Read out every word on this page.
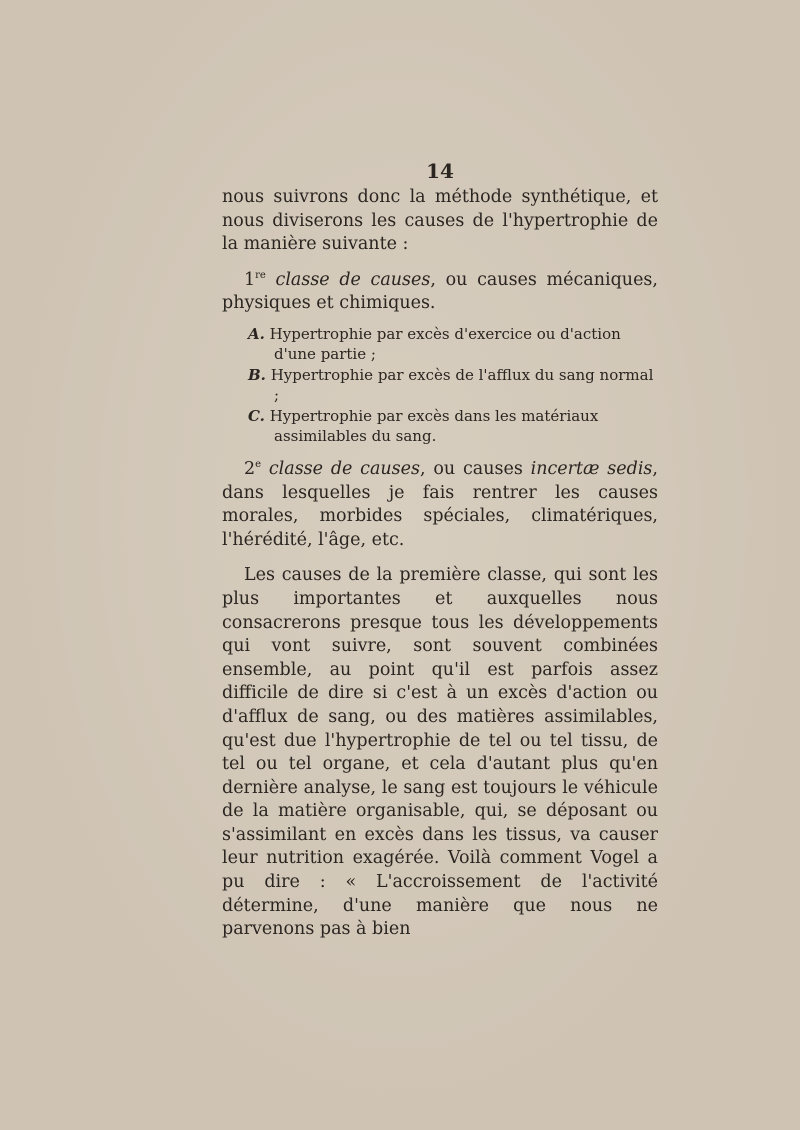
14

nous suivrons donc la méthode synthétique, et nous diviserons les causes de l'hypertrophie de la manière suivante :

1re classe de causes, ou causes mécaniques, physiques et chimiques.

A. Hypertrophie par excès d'exercice ou d'action d'une partie ;
B. Hypertrophie par excès de l'afflux du sang normal ;
C. Hypertrophie par excès dans les matériaux assimilables du sang.

2e classe de causes, ou causes incertæ sedis, dans lesquelles je fais rentrer les causes morales, morbides spéciales, climatériques, l'hérédité, l'âge, etc.

Les causes de la première classe, qui sont les plus importantes et auxquelles nous consacrerons presque tous les développements qui vont suivre, sont souvent combinées ensemble, au point qu'il est parfois assez difficile de dire si c'est à un excès d'action ou d'afflux de sang, ou des matières assimilables, qu'est due l'hypertrophie de tel ou tel tissu, de tel ou tel organe, et cela d'autant plus qu'en dernière analyse, le sang est toujours le véhicule de la matière organisable, qui, se déposant ou s'assimilant en excès dans les tissus, va causer leur nutrition exagérée. Voilà comment Vogel a pu dire : « L'accroissement de l'activité détermine, d'une manière que nous ne parvenons pas à bien
